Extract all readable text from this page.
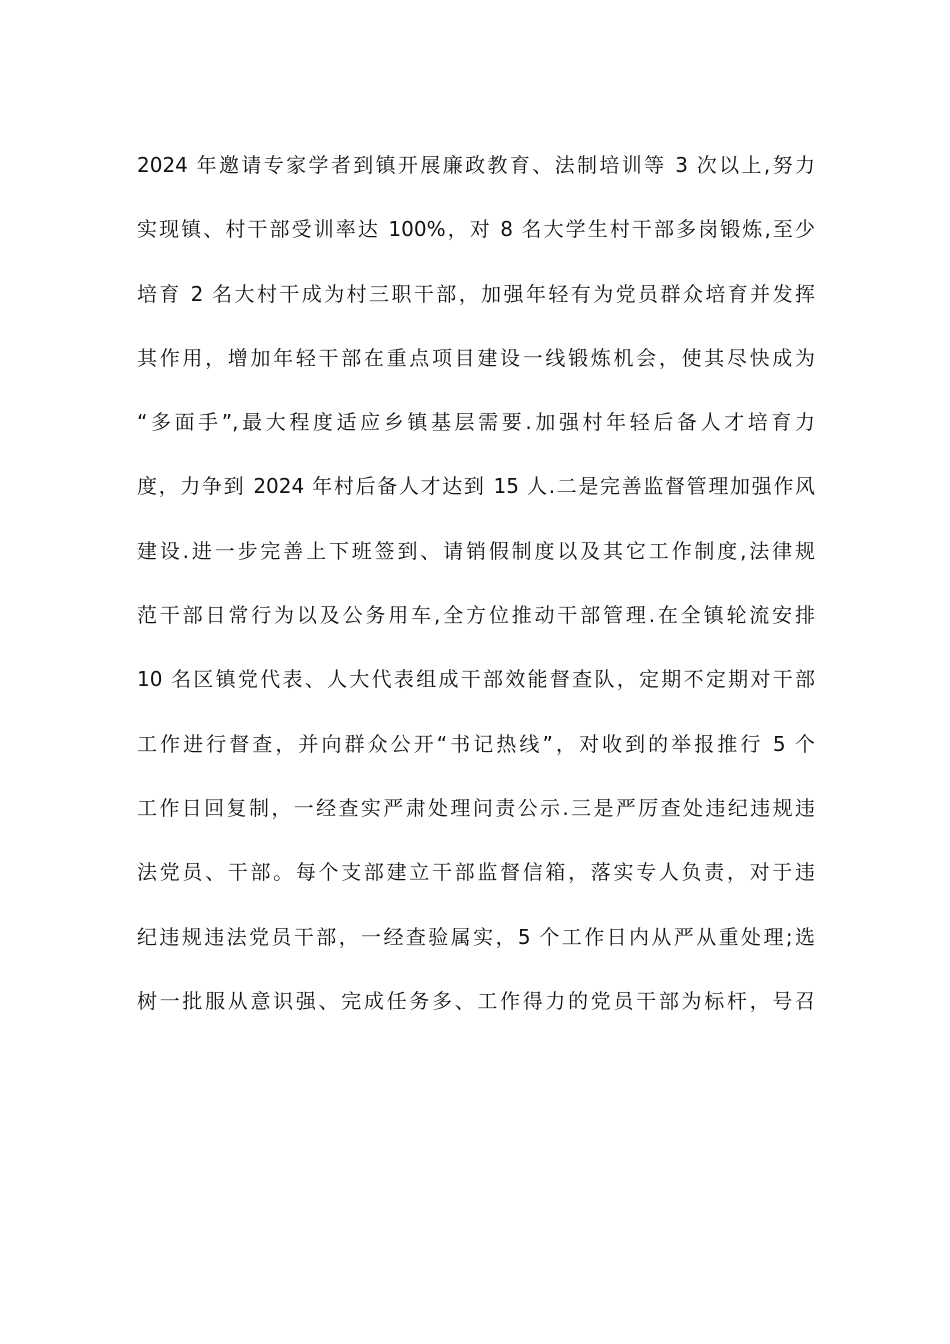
2024 年邀请专家学者到镇开展廉政教育、法制培训等 3 次以上,努力
实现镇、村干部受训率达 100%，对 8 名大学生村干部多岗锻炼,至少
培育 2 名大村干成为村三职干部，加强年轻有为党员群众培育并发挥
其作用，增加年轻干部在重点项目建设一线锻炼机会，使其尽快成为
“多面手”,最大程度适应乡镇基层需要.加强村年轻后备人才培育力
度，力争到 2024 年村后备人才达到 15 人.二是完善监督管理加强作风
建设.进一步完善上下班签到、请销假制度以及其它工作制度,法律规
范干部日常行为以及公务用车,全方位推动干部管理.在全镇轮流安排
10 名区镇党代表、人大代表组成干部效能督查队，定期不定期对干部
工作进行督查，并向群众公开“书记热线”，对收到的举报推行 5 个
工作日回复制，一经查实严肃处理问责公示.三是严厉查处违纪违规违
法党员、干部。每个支部建立干部监督信箱，落实专人负责，对于违
纪违规违法党员干部，一经查验属实，5 个工作日内从严从重处理;选
树一批服从意识强、完成任务多、工作得力的党员干部为标杆，号召
